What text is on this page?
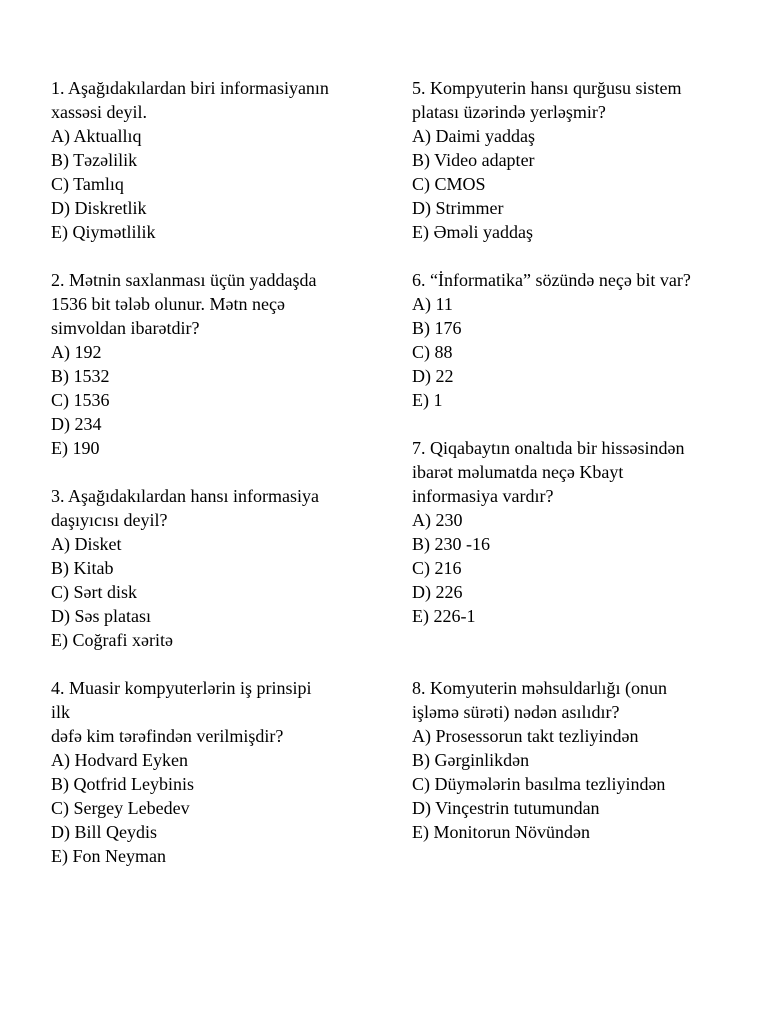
1. Aşağıdakılardan biri informasiyanın

xassəsi deyil.

A) Aktuallıq

B) Təzəlilik

C) Tamlıq

D) Diskretlik

E) Qiymətlilik

2. Mətnin saxlanması üçün yaddaşda

1536 bit tələb olunur. Mətn neçə

simvoldan ibarətdir?

A) 192

B) 1532

C) 1536

D) 234

E) 190

3. Aşağıdakılardan hansı informasiya

daşıyıcısı deyil?

A) Disket

B) Kitab

C) Sərt disk

D) Səs platası

E) Coğrafi xəritə

4. Muasir kompyuterlərin iş prinsipi

ilk

dəfə kim tərəfindən verilmişdir?

A) Hodvard Eyken

B) Qotfrid Leybinis

C) Sergey Lebedev

D) Bill Qeydis

E) Fon Neyman

5. Kompyuterin hansı qurğusu sistem

platası üzərində yerləşmir?

A) Daimi yaddaş

B) Video adapter

C) CMOS

D) Strimmer

E) Əməli yaddaş

6. “İnformatika” sözündə neçə bit var?

A) 11

B) 176

C) 88

D) 22

E) 1

7. Qiqabaytın onaltıda bir hissəsindən

ibarət məlumatda neçə Kbayt

informasiya vardır?

A) 230

B) 230 -16

C) 216

D) 226

E) 226-1

8. Komyuterin məhsuldarlığı (onun

işləmə sürəti) nədən asılıdır?

A) Prosessorun takt tezliyindən

B) Gərginlikdən

C) Düymələrin basılma tezliyindən

D) Vinçestrin tutumundan

E) Monitorun Növündən
